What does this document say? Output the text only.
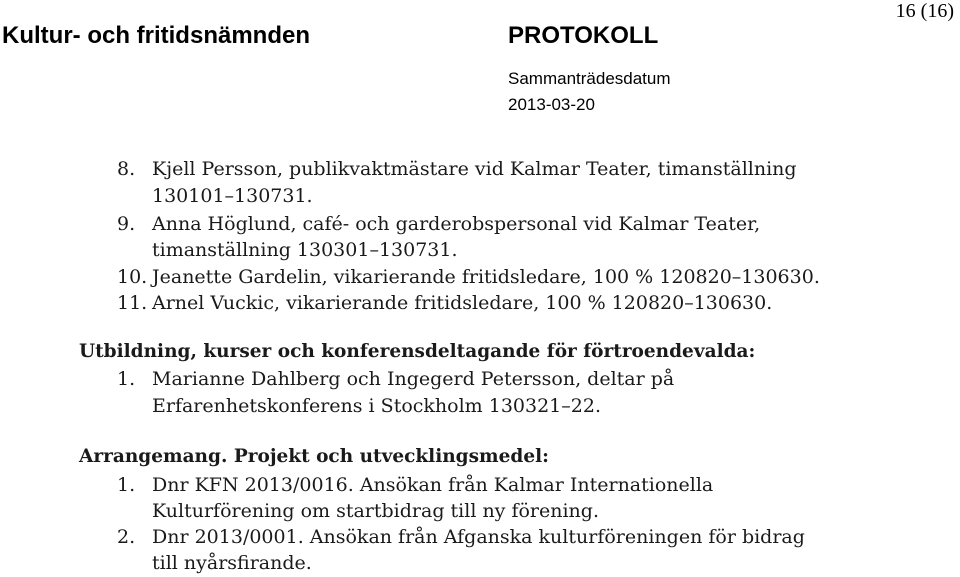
Kultur- och fritidsnämnden	PROTOKOLL
16 (16)
Sammanträdesdatum
2013-03-20
8. Kjell Persson, publikvaktmästare vid Kalmar Teater, timanställning
130101–130731.
9. Anna Höglund, café- och garderobspersonal vid Kalmar Teater,
timanställning 130301–130731.
10. Jeanette Gardelin, vikarierande fritidsledare, 100 % 120820–130630.
11. Arnel Vuckic, vikarierande fritidsledare, 100 % 120820–130630.
Utbildning, kurser och konferensdeltagande för förtroendevalda:
1. Marianne Dahlberg och Ingegerd Petersson, deltar på
Erfarenhetskonferens i Stockholm 130321–22.
Arrangemang. Projekt och utvecklingsmedel:
1. Dnr KFN 2013/0016. Ansökan från Kalmar Internationella
Kulturförening om startbidrag till ny förening.
2. Dnr 2013/0001. Ansökan från Afganska kulturföreningen för bidrag
till nyårsfirande.
